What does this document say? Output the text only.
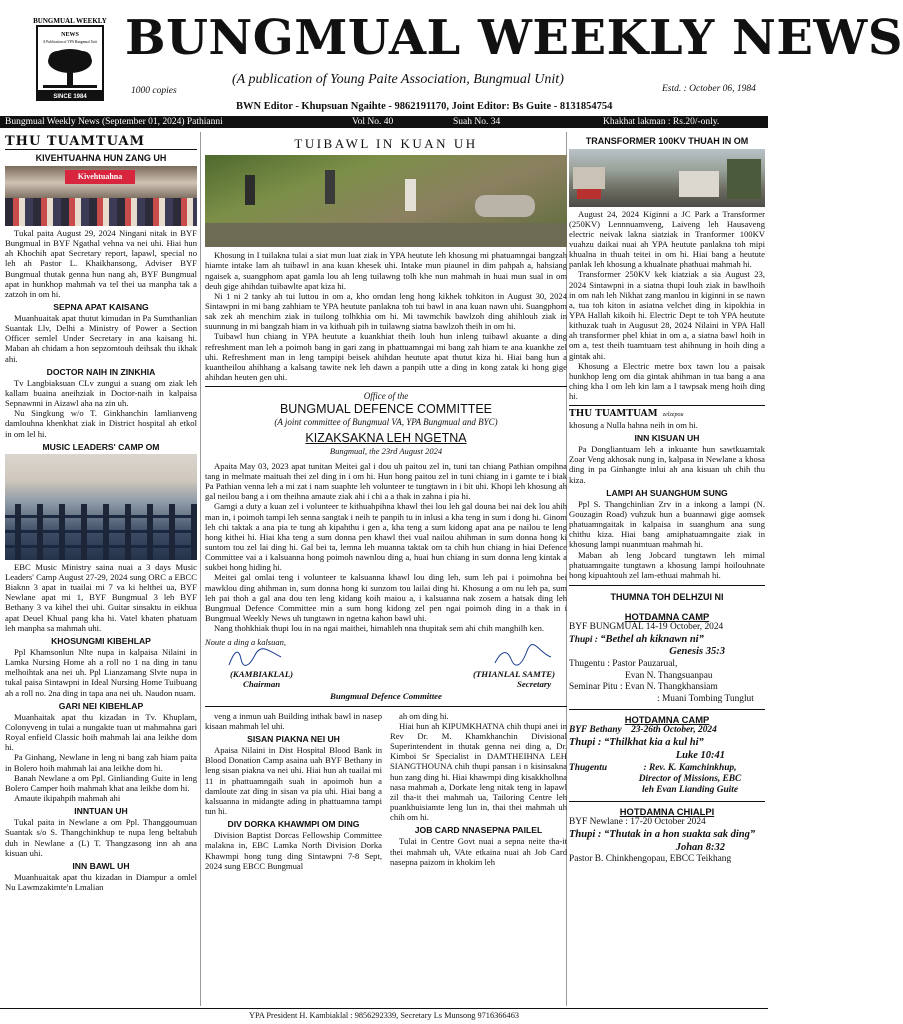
BUNGMUAL WEEKLY
NEWS
A Publication of YPA Bungmual Unit
SINCE 1984
BUNGMUAL WEEKLY NEWS
(A publication of Young Paite Association, Bungmual Unit)
1000 copies	Estd. : October 06, 1984
BWN Editor - Khupsuan Ngaihte - 9862191170, Joint Editor: Bs Guite - 8131854754
Bungmual Weekly News (September 01, 2024) Pathianni	Vol No. 40	Suah No. 34	Khakhat lakman : Rs.20/-only.
THU TUAMTUAM
KIVEHTUAHNA HUN ZANG UH
Kivehtuahna

Tukal paita August 29, 2024 Ningani nitak in BYF Bungmual in BYF Ngathal vehna va nei uhi. Hiai hun ah Khochih apat Secretary report, lapawl, special no leh ah Pastor L. Khaikhansong, Adviser BYF Bungmual thutak genna hun nang ah, BYF Bungmual apat in hunkhop mahmah va tel thei ua manpha tak a zatzoh in om hi.

SEPNA APAT KAISANG

Muanhuaitak apat thutut kimudan in Pa Sumthanlian Suantak Llv, Delhi a Ministry of Power a Section Officer semlel Under Secretary in ana kaisang hi. Maban ah chidam a hon sepzomtouh deihsak thu ikhak ahi.

DOCTOR NAIH IN ZINKHIA

Tv Langbiaksuan CLv zungui a suang om ziak leh kallam buaina aneihziak in Doctor-naih in kalpaisa Sepnawnni in Aizawl aha na zin uh.

Nu Singkung w/o T. Ginkhanchin lamlianveng damlouhna khenkhat ziak in District hospital ah etkol in om lel hi.

MUSIC LEADERS' CAMP OM

EBC Music Ministry saina nuai a 3 days Music Leaders' Camp August 27-29, 2024 sung ORC a EBCC Biaknn 3 apat in tuailai mi 7 va ki helthei ua, BYF Newlane apat mi 1, BYF Bungmual 3 leh BYF Bethany 3 va kihel thei uhi. Guitar sinsaktu in eikhua apat Deuel Khual pang kha hi. Vatel khaten phatuam leh manpha sa mahmah uhi.

KHOSUNGMI KIBEHLAP

Ppl Khamsonlun Nlte nupa in kalpaisa Nilaini in Lamka Nursing Home ah a roll no 1 na ding in tanu melhoihtak ana nei uh. Ppl Lianzamang Slvte nupa in tukal paisa Sintawpni in Ideal Nursing Home Tuibuang ah a roll no. 2na ding in tapa ana nei uh. Naudon nuam.

GARI NEI KIBEHLAP

Muanhaitak apat thu kizadan in Tv. Khuplam, Colonyveng in tulai a nungakte tuan ut mahmahna gari Royal enfield Classic hoih mahmah lai ana leikhe dom hi.

Pa Ginhang, Newlane in leng ni bang zah hiam paita in Bolero hoih mahmah lai ana leikhe dom hi.

Banah Newlane a om Ppl. Ginlianding Guite in leng Bolero Camper hoih mahmah khat ana leikhe dom hi.

Amaute ikipahpih mahmah ahi

INNTUAN UH

Tukal paita in Newlane a om Ppl. Thanggoumuan Suantak s/o S. Thangchinkhup te nupa leng beltabuh duh in Newlane a (L) T. Thangzasong inn ah ana kisuan uhi.

INN BAWL UH

Muanhuaitak apat thu kizadan in Diampur a omlel Nu Lawmzakimte'n Lmalian

TUIBAWL IN KUAN UH

Khosung in I tuilakna tulai a siat mun luat ziak in YPA heutute leh khosung mi phatuamngai bangzah hiamte intake lam ah tuibawl in ana kuan khesek uhi. Intake mun piaunel in dim pahpah a, hahsiang ngaisek a, suangphom apat gamla lou ah leng tuilawng tolh khe nun mahmah in huai mun sual in om deuh gige ahihdan tuibawlte apat kiza hi.

Ni 1 ni 2 tanky ah tui luttou in om a, kho omdan leng hong kikhek tohkiton in August 30, 2024 Sintawpni in mi bang zahhiam te YPA heutute panlakna toh tui bawl in ana kuan nawn uhi. Suangphom sak zek ah menchim ziak in tuilong tolhkhia om hi. Mi tawmchik bawlzoh ding ahihlouh ziak in suunnung in mi bangzah hiam in va kithuah pih in tuilawng siatna bawlzoh theih in om hi.

Tuibawl hun chiang in YPA heutute a kuankhiat theih louh hun inleng tuibawl akuante a ding refreshment man leh a poimoh bang in gari zang in phattuamngai mi bang zah hiam te ana kuankhe zel uhi. Refreshment man in leng tampipi beisek ahihdan heutute apat thutut kiza hi. Hiai bang hun a kuantheilou ahihhang a kalsang tawite nek leh dawn a panpih utte a ding in kong zatak ki hong gige ahihdan heuten gen uhi.

Office of the
BUNGMUAL DEFENCE COMMITTEE
(A joint committee of Bungmual VA, YPA Bungmual and BYC)
KIZAKSAKNA LEH NGETNA
Bungmual, the 23rd August 2024

Apaita May 03, 2023 apat tunitan Meitei gal i dou uh paitou zel in, tuni tan chiang Pathian ompihna tang in melmate maituah thei zel ding in i om hi. Hun hong paitou zel in tuni chiang in i gamte te i biak Pa Pathian venna leh a mi zat i nam suaphte leh volunteer te tungtawn in i bit uhi. Khopi leh khosung ah gal neilou bang a i om theihna amaute ziak ahi i chi a a thak in zahna i pia hi.

Gamgi a duty a kuan zel i volunteer te kithuahpihna khawl thei lou leh gal douna bei nai dek lou ahih man in, i poimoh tampi leh senna sangtak i neih te panpih tu in inlusi a kha teng in sum i dong hi. Ginom leh chi taktak a ana pia te tung ah kipahthu i gen a, kha teng a sum kidong apat ana pe nailou te leng hong kithei hi. Hiai kha teng a sum donna pen khawl thei vual nailou ahihman in sum donna hong ki suntom tou zel lai ding hi. Gal bei ta, lemna leh muanna taktak om ta chih hun chiang in hiai Defence Committee vai a i kalsuanna hong poimoh nawnlou ding a, huai hun chiang in sum donna leng kintak a sukbei hong hiding hi.

Meitei gal omlai teng i volunteer te kalsuanna khawl lou ding leh, sum leh pai i poimohna bei mawklou ding ahihman in, sum donna hong ki sunzom tou lailai ding hi. Khosung a om nu leh pa, sum leh pai thoh a gal ana dou ten leng kidang koih maiou a, i kalsuanna nak zosem a hatsak ding leh Bungmual Defence Committee min a sum hong kidong zel pen ngai poimoh ding in a thak in i Bungmual Weekly News uh tungtawn in ngetna kahon bawl uhi.

Nang thohkhiak thupi lou in na ngai maithei, himahleh nna thupitak sem ahi chih manghilh ken.

Noute a ding a kalsuan,
(KAMBIAKLAL)
Chairman
(THIANLAL SAMTE)
Secretary
Bungmual Defence Committee

veng a inmun uah Building inthak bawl in nasep kisaan mahmah lel uhi.

SISAN PIAKNA NEI UH

Apaisa Nilaini in Dist Hospital Blood Bank in Blood Donation Camp asaina uah BYF Bethany in leng sisan piakna va nei uhi. Hiai hun ah tuailai mi 11 in phattuamngaih suah in apoimoh hun a damloute zat ding in sisan va pia uhi. Hiai bang a kalsuanna in midangte ading in phattuamna tampi tun hi.

DIV DORKA KHAWMPI OM DING

Division Baptist Dorcas Fellowship Committee malakna in, EBC Lamka North Division Dorka Khawmpi hong tung ding Sintawpni 7-8 Sept, 2024 sung EBCC Bungmual

ah om ding hi.

Hiai hun ah KIPUMKHATNA chih thupi anei in Rev Dr. M. Khamkhanchin Divisional Superintendent in thutak genna nei ding a, Dr. Kimboi Sr Specialist in DAMTHEIHNA LEH SIANGTHOUNA chih thupi pansan i n kisinsakna hun zang ding hi. Hiai khawmpi ding kisakkholhna nasa mahmah a, Dorkate leng nitak teng in lapawl zil tha-it thei mahmah ua, Tailoring Centre leh puankhuisiamte leng lun in, thai thei mahmah uh chih om hi.

JOB CARD NNASEPNA PAILEL

Tulai in Centre Govt nuai a sepna neite tha-it thei mahmah uh, VAte etkaina nuai ah Job Card nasepna paizom in khokim leh

TRANSFORMER 100KV THUAH IN OM

August 24, 2024 Kiginni a JC Park a Transformer (250KV) Lennnuamveng, Laiveng leh Hausaveng electric neivak lakna siatziak in Tranformer 100KV vuahzu daikai nuai ah YPA heutute panlakna toh mipi khualna in thuah teitei in om hi. Hiai bang a heutute panlak leh khosung a khualnate phathuai mahmah hi.

Transformer 250KV kek kiatziak a sia August 23, 2024 Sintawpni in a siatna thupi louh ziak in bawlhoih in om nah leh Nikhat zang manlou in kiginni in se nawn a, tua toh kiton in asiatna velchet ding in kipokhia in YPA Hallah kikoih hi. Electric Dept te toh YPA heutute kithuzak tuah in Augusut 28, 2024 Nilaini in YPA Hall ah transformer phel khiat in om a, a siatna bawl hoih in om a, test theih tuamtuam test ahihnung in hoih ding a gintak ahi.

Khosung a Electric metre box tawn lou a paisak hunkhop leng om dia gintak ahihman in tua bang a ana ching kha I om leh kin lam a I tawpsak meng hoih ding hi.

THU TUAMTUAM zelzepou

khosung a Nulla hahna neih in om hi.

INN KISUAN UH

Pa Dongliantuam leh a inkuante hun sawtkuamtak Zoar Veng akhosak nung in, kalpasa in Newlane a khosa ding in pa Ginhangte inlui ah ana kisuan uh chih thu kiza.

LAMPI AH SUANGHUM SUNG

Ppl S. Thangchinlian Zrv in a inkong a lampi (N. Gouzagin Road) vuhzuk hun a buannawi gige aomsek phatuamngaitak in kalpaisa in suanghum ana sung chithu kiza. Hiai bang amiphatuamngaite ziak in khosung lampi nuanmtuan mahmah hi.

Maban ah leng Jobcard tungtawn leh mimal phatuamngaite tungtawn a khosung lampi hoilouhnate hong kipuahtouh zel lam-ethuai mahmah hi.

THUMNA TOH DELHZUI NI
HOTDAMNA CAMP
BYF BUNGMUAL 14-19 October, 2024
Thupi : “Bethel ah kiknawn ni”
Genesis 35:3
Thugentu : Pastor Pauzarual,
Evan N. Thangsuanpau
Seminar Pitu : Evan N. Thangkhansiam
: Muani Tombing Tunglut
HOTDAMNA CAMP
BYF Bethany 23-26th October, 2024
Thupi : “Thilkhat kia a kul hi”
Luke 10:41
Thugentu	: Rev. K. Kamchinkhup,
Director of Missions, EBC
leh Evan Lianding Guite
HOTDAMNA CHIALPI
BYF Newlane : 17-20 October 2024
Thupi : “Thutak in a hon suakta sak ding”
Johan 8:32
Pastor B. Chinkhengopau, EBCC Teikhang
YPA President H. Kambiaklal : 9856292339, Secretary Ls Munsong 9716366463
